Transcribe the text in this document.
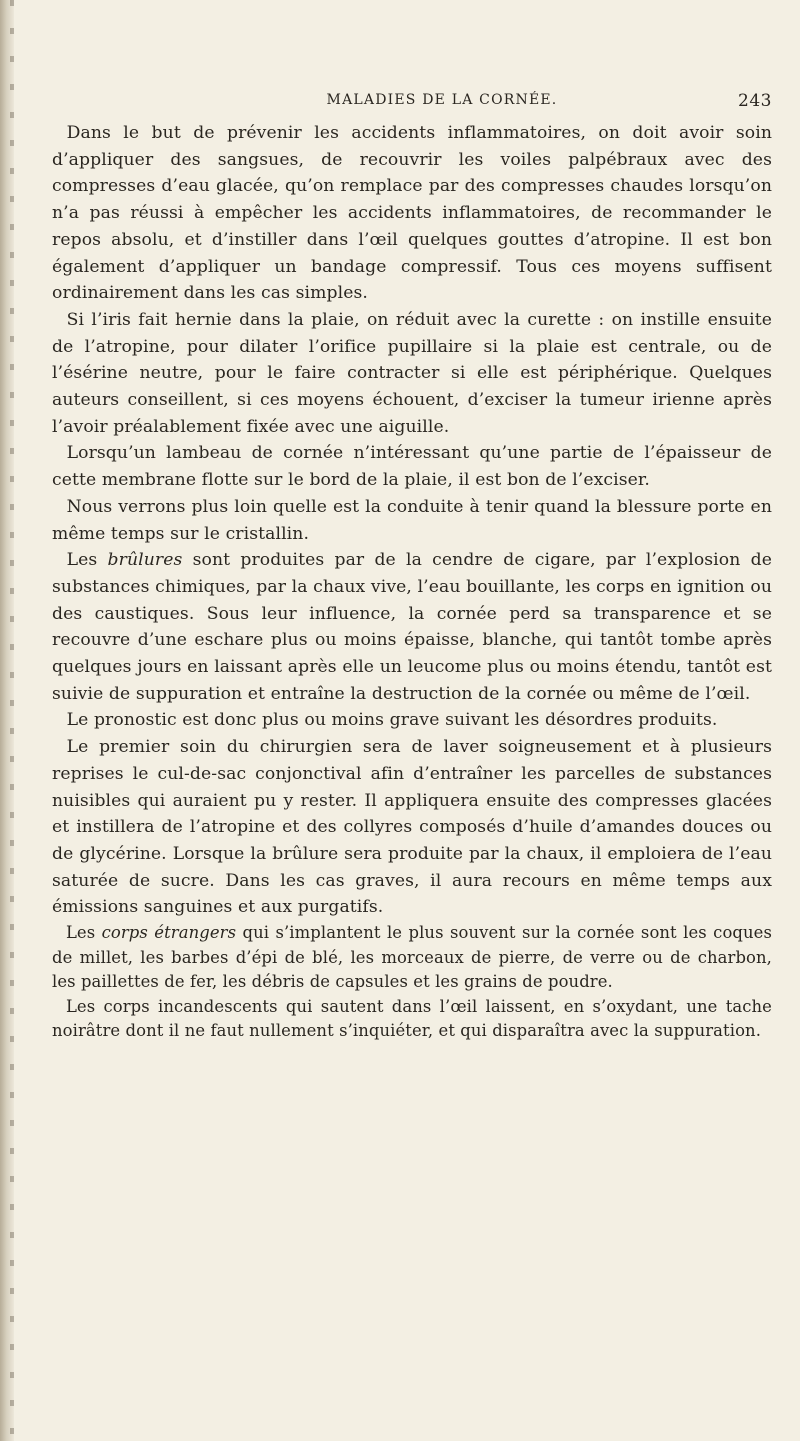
MALADIES DE LA CORNÉE.	243

Dans le but de prévenir les accidents inflammatoires, on doit avoir soin d’appliquer des sangsues, de recouvrir les voiles palpébraux avec des compresses d’eau glacée, qu’on remplace par des compresses chaudes lorsqu’on n’a pas réussi à empêcher les accidents inflammatoires, de recommander le repos absolu, et d’instiller dans l’œil quelques gouttes d’atropine. Il est bon également d’appliquer un bandage compressif. Tous ces moyens suffisent ordinairement dans les cas simples.

Si l’iris fait hernie dans la plaie, on réduit avec la curette : on instille ensuite de l’atropine, pour dilater l’orifice pupillaire si la plaie est centrale, ou de l’ésérine neutre, pour le faire contracter si elle est périphérique. Quelques auteurs conseillent, si ces moyens échouent, d’exciser la tumeur irienne après l’avoir préalablement fixée avec une aiguille.

Lorsqu’un lambeau de cornée n’intéressant qu’une partie de l’épaisseur de cette membrane flotte sur le bord de la plaie, il est bon de l’exciser.

Nous verrons plus loin quelle est la conduite à tenir quand la blessure porte en même temps sur le cristallin.

Les brûlures sont produites par de la cendre de cigare, par l’explosion de substances chimiques, par la chaux vive, l’eau bouillante, les corps en ignition ou des caustiques. Sous leur influence, la cornée perd sa transparence et se recouvre d’une eschare plus ou moins épaisse, blanche, qui tantôt tombe après quelques jours en laissant après elle un leucome plus ou moins étendu, tantôt est suivie de suppuration et entraîne la destruction de la cornée ou même de l’œil.

Le pronostic est donc plus ou moins grave suivant les désordres produits.

Le premier soin du chirurgien sera de laver soigneusement et à plusieurs reprises le cul-de-sac conjonctival afin d’entraîner les parcelles de substances nuisibles qui auraient pu y rester. Il appliquera ensuite des compresses glacées et instillera de l’atropine et des collyres composés d’huile d’amandes douces ou de glycérine. Lorsque la brûlure sera produite par la chaux, il emploiera de l’eau saturée de sucre. Dans les cas graves, il aura recours en même temps aux émissions sanguines et aux purgatifs.

Les corps étrangers qui s’implantent le plus souvent sur la cornée sont les coques de millet, les barbes d’épi de blé, les morceaux de pierre, de verre ou de charbon, les paillettes de fer, les débris de capsules et les grains de poudre.

Les corps incandescents qui sautent dans l’œil laissent, en s’oxydant, une tache noirâtre dont il ne faut nullement s’inquiéter, et qui disparaîtra avec la suppuration.
